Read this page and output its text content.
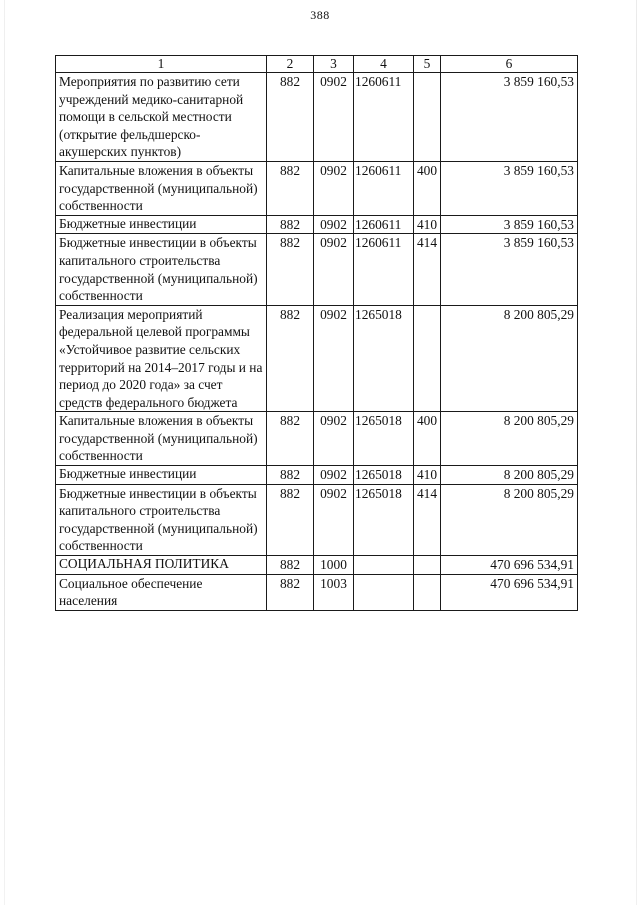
388
1	2	3	4	5	6
Мероприятия по развитию сети учреждений медико-санитарной помощи в сельской местности (открытие фельдшерско-акушерских пунктов)	882	0902	1260611		3 859 160,53
Капитальные вложения в объекты государственной (муниципальной) собственности	882	0902	1260611	400	3 859 160,53
Бюджетные инвестиции	882	0902	1260611	410	3 859 160,53
Бюджетные инвестиции в объекты капитального строительства государственной (муниципальной) собственности	882	0902	1260611	414	3 859 160,53
Реализация мероприятий федеральной целевой программы «Устойчивое развитие сельских территорий на 2014–2017 годы и на период до 2020 года» за счет средств федерального бюджета	882	0902	1265018		8 200 805,29
Капитальные вложения в объекты государственной (муниципальной) собственности	882	0902	1265018	400	8 200 805,29
Бюджетные инвестиции	882	0902	1265018	410	8 200 805,29
Бюджетные инвестиции в объекты капитального строительства государственной (муниципальной) собственности	882	0902	1265018	414	8 200 805,29
СОЦИАЛЬНАЯ ПОЛИТИКА	882	1000			470 696 534,91
Социальное обеспечение населения	882	1003			470 696 534,91
